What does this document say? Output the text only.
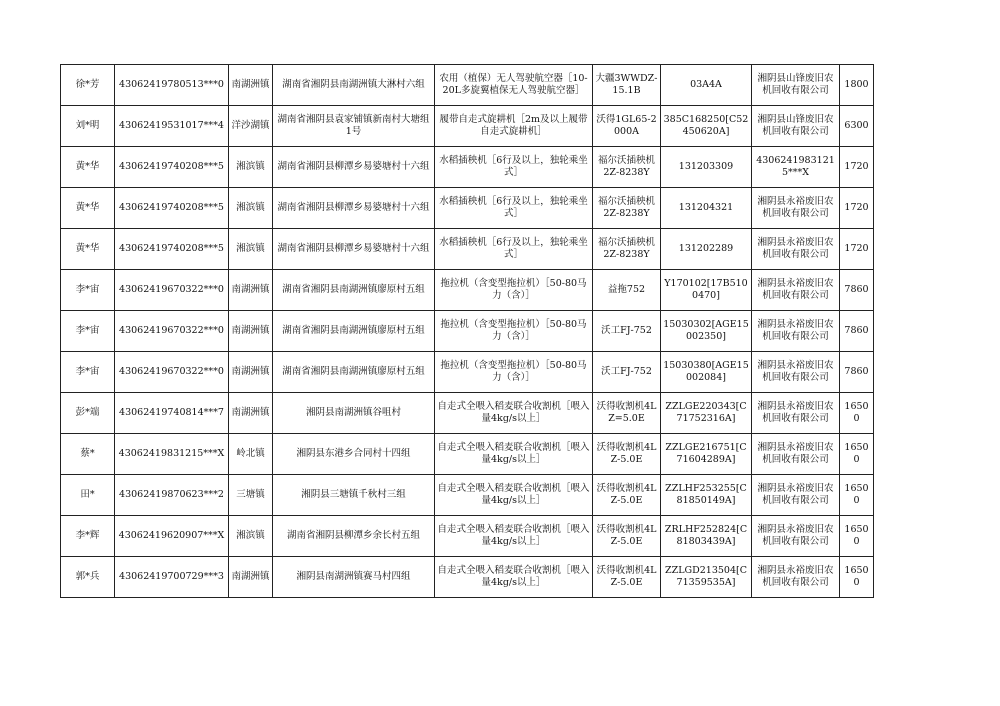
徐*芳	43062419780513***0	南湖洲镇	湖南省湘阴县南湖洲镇大淋村六组	农用（植保）无人驾驶航空器［10-20L多旋翼植保无人驾驶航空器］	大疆3WWDZ-15.1B	03A4A	湘阴县山锋废旧农机回收有限公司	1800
刘*明	43062419531017***4	洋沙湖镇	湖南省湘阴县袁家铺镇新南村大塘组1号	履带自走式旋耕机［2m及以上履带自走式旋耕机］	沃得1GL65-2000A	385C168250[C52450620A]	湘阴县山锋废旧农机回收有限公司	6300
黄*华	43062419740208***5	湘滨镇	湖南省湘阴县柳潭乡易婆塘村十六组	水稻插秧机［6行及以上，独轮乘坐式］	福尔沃插秧机2Z-8238Y	131203309	43062419831215***X	1720
黄*华	43062419740208***5	湘滨镇	湖南省湘阴县柳潭乡易婆塘村十六组	水稻插秧机［6行及以上，独轮乘坐式］	福尔沃插秧机2Z-8238Y	131204321	湘阴县永裕废旧农机回收有限公司	1720
黄*华	43062419740208***5	湘滨镇	湖南省湘阴县柳潭乡易婆塘村十六组	水稻插秧机［6行及以上，独轮乘坐式］	福尔沃插秧机2Z-8238Y	131202289	湘阴县永裕废旧农机回收有限公司	1720
李*宙	43062419670322***0	南湖洲镇	湖南省湘阴县南湖洲镇廖原村五组	拖拉机（含变型拖拉机）［50-80马力（含）］	益拖752	Y170102[17B5100470]	湘阴县永裕废旧农机回收有限公司	7860
李*宙	43062419670322***0	南湖洲镇	湖南省湘阴县南湖洲镇廖原村五组	拖拉机（含变型拖拉机）［50-80马力（含）］	沃工FJ-752	15030302[AGE15002350]	湘阴县永裕废旧农机回收有限公司	7860
李*宙	43062419670322***0	南湖洲镇	湖南省湘阴县南湖洲镇廖原村五组	拖拉机（含变型拖拉机）［50-80马力（含）］	沃工FJ-752	15030380[AGE15002084]	湘阴县永裕废旧农机回收有限公司	7860
彭*端	43062419740814***7	南湖洲镇	湘阴县南湖洲镇谷咀村	自走式全喂入稻麦联合收割机［喂入量4kg/s以上］	沃得收割机4LZ=5.0E	ZZLGE220343[C71752316A]	湘阴县永裕废旧农机回收有限公司	16500
蔡*	43062419831215***X	岭北镇	湘阴县东港乡合同村十四组	自走式全喂入稻麦联合收割机［喂入量4kg/s以上］	沃得收割机4LZ-5.0E	ZZLGE216751[C71604289A]	湘阴县永裕废旧农机回收有限公司	16500
田*	43062419870623***2	三塘镇	湘阴县三塘镇千秋村三组	自走式全喂入稻麦联合收割机［喂入量4kg/s以上］	沃得收割机4LZ-5.0E	ZZLHF253255[C81850149A]	湘阴县永裕废旧农机回收有限公司	16500
李*辉	43062419620907***X	湘滨镇	湖南省湘阴县柳潭乡余长村五组	自走式全喂入稻麦联合收割机［喂入量4kg/s以上］	沃得收割机4LZ-5.0E	ZRLHF252824[C81803439A]	湘阴县永裕废旧农机回收有限公司	16500
郭*兵	43062419700729***3	南湖洲镇	湘阴县南湖洲镇赛马村四组	自走式全喂入稻麦联合收割机［喂入量4kg/s以上］	沃得收割机4LZ-5.0E	ZZLGD213504[C71359535A]	湘阴县永裕废旧农机回收有限公司	16500
